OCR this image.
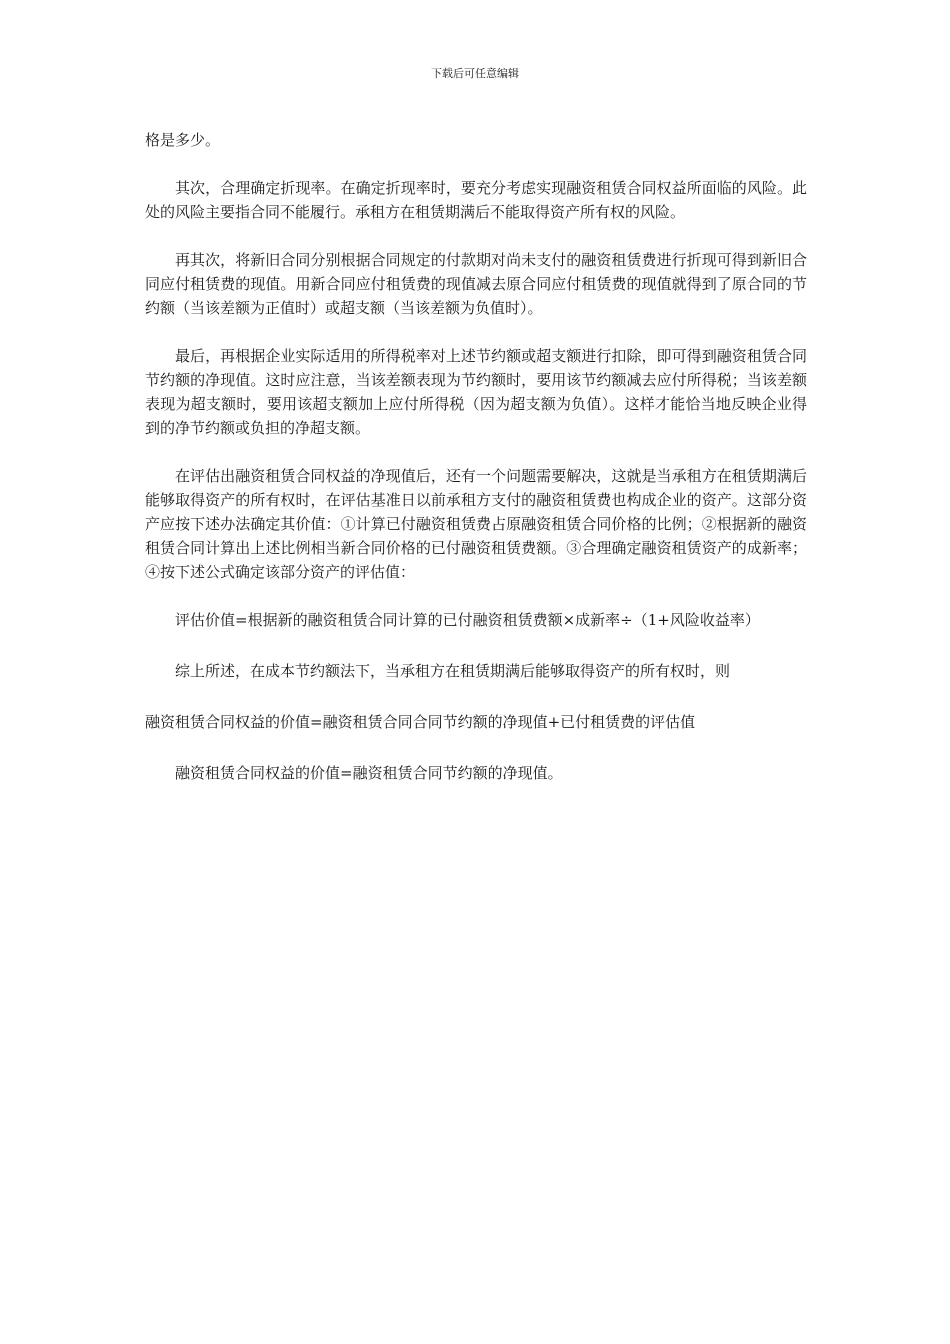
下载后可任意编辑

格是多少。

其次，合理确定折现率。在确定折现率时，要充分考虑实现融资租赁合同权益所面临的风险。此处的风险主要指合同不能履行。承租方在租赁期满后不能取得资产所有权的风险。

再其次，将新旧合同分别根据合同规定的付款期对尚未支付的融资租赁费进行折现可得到新旧合同应付租赁费的现值。用新合同应付租赁费的现值减去原合同应付租赁费的现值就得到了原合同的节约额（当该差额为正值时）或超支额（当该差额为负值时）。

最后，再根据企业实际适用的所得税率对上述节约额或超支额进行扣除，即可得到融资租赁合同节约额的净现值。这时应注意，当该差额表现为节约额时，要用该节约额减去应付所得税；当该差额表现为超支额时，要用该超支额加上应付所得税（因为超支额为负值）。这样才能恰当地反映企业得到的净节约额或负担的净超支额。

在评估出融资租赁合同权益的净现值后，还有一个问题需要解决，这就是当承租方在租赁期满后能够取得资产的所有权时，在评估基准日以前承租方支付的融资租赁费也构成企业的资产。这部分资产应按下述办法确定其价值：①计算已付融资租赁费占原融资租赁合同价格的比例；②根据新的融资租赁合同计算出上述比例相当新合同价格的已付融资租赁费额。③合理确定融资租赁资产的成新率；④按下述公式确定该部分资产的评估值：

评估价值=根据新的融资租赁合同计算的已付融资租赁费额×成新率÷（1+风险收益率）

综上所述，在成本节约额法下，当承租方在租赁期满后能够取得资产的所有权时，则

融资租赁合同权益的价值=融资租赁合同合同节约额的净现值+已付租赁费的评估值

融资租赁合同权益的价值=融资租赁合同节约额的净现值。
